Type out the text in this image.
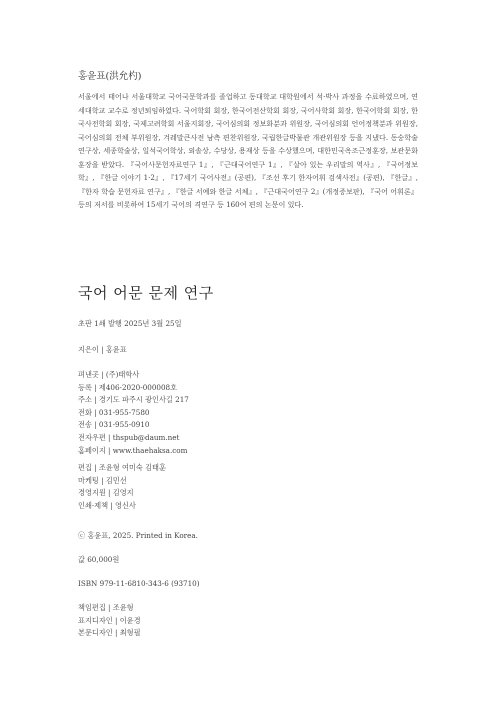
홍윤표(洪允杓)
서울에서 태어나 서울대학교 국어국문학과를 졸업하고 동대학교 대학원에서 석·박사 과정을 수료하였으며, 연세대학교 교수로 정년퇴임하였다. 국어학회 회장, 한국어전산학회 회장, 국어사학회 회장, 한국어학회 회장, 한국사전학회 회장, 국제고려학회 서울지회장, 국어심의회 정보화분과 위원장, 국어심의회 언어정책분과 위원장, 국어심의회 전체 부위원장, 겨레말큰사전 남측 편찬위원장, 국립한글박물관 개관위원장 등을 지냈다. 동숭학술연구상, 세종학술상, 일석국어학상, 외솔상, 수당상, 용재상 등을 수상했으며, 대한민국옥조근정훈장, 보관문화훈장을 받았다. 『국어사문헌자료연구 1』, 『근대국어연구 1』, 『살아 있는 우리말의 역사』, 『국어정보학』, 『한글 이야기 1·2』, 『17세기 국어사전』(공편), 『조선 후기 한자어휘 검색사전』(공편), 『한글』, 『한자 학습 문헌자료 연구』, 『한글 서예와 한글 서체』, 『근대국어연구 2』(개정증보판), 『국어 어휘론』 등의 저서를 비롯하여 15세기 국어의 격연구 등 160여 편의 논문이 있다.
국어 어문 문제 연구
초판 1쇄 발행 2025년 3월 25일
지은이 | 홍윤표
펴낸곳 | (주)태학사
등록 | 제406-2020-000008호
주소 | 경기도 파주시 광인사길 217
전화 | 031-955-7580
전송 | 031-955-0910
전자우편 | thspub@daum.net
홈페이지 | www.thaehaksa.com
편집 | 조윤형 여미숙 김태훈
마케팅 | 김민선
경영지원 | 김영지
인쇄·제책 | 영신사
ⓒ 홍윤표, 2025. Printed in Korea.
값 60,000원
ISBN 979-11-6810-343-6 (93710)
책임편집 | 조윤형
표지디자인 | 이윤경
본문디자인 | 최형필
